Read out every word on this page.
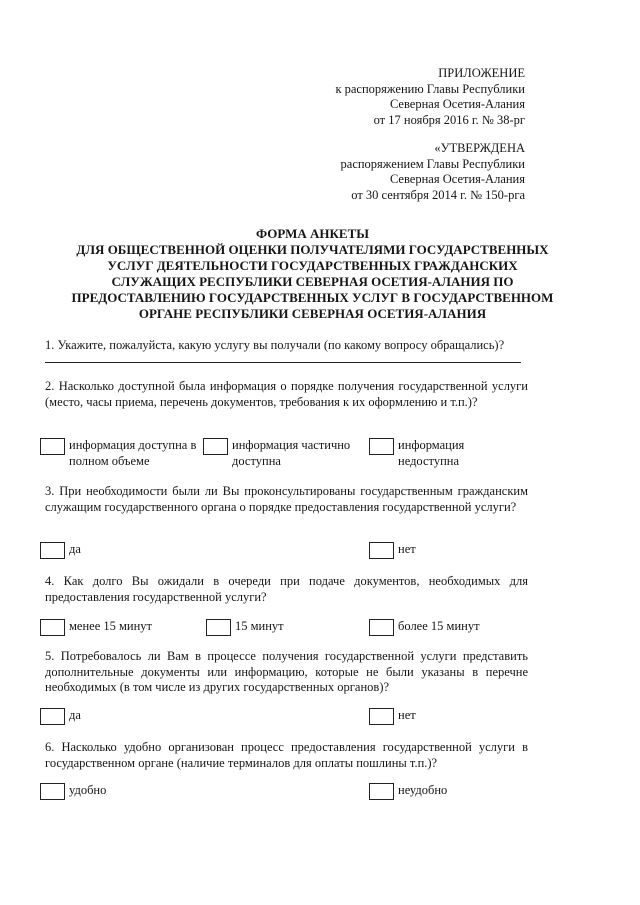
ПРИЛОЖЕНИЕ
к распоряжению Главы Республики
Северная Осетия-Алания
от 17 ноября 2016 г. № 38-рг
«УТВЕРЖДЕНА
распоряжением Главы Республики
Северная Осетия-Алания
от 30 сентября 2014 г. № 150-рга
ФОРМА АНКЕТЫ
ДЛЯ ОБЩЕСТВЕННОЙ ОЦЕНКИ ПОЛУЧАТЕЛЯМИ ГОСУДАРСТВЕННЫХ
УСЛУГ ДЕЯТЕЛЬНОСТИ ГОСУДАРСТВЕННЫХ ГРАЖДАНСКИХ
СЛУЖАЩИХ РЕСПУБЛИКИ СЕВЕРНАЯ ОСЕТИЯ-АЛАНИЯ ПО
ПРЕДОСТАВЛЕНИЮ ГОСУДАРСТВЕННЫХ УСЛУГ В ГОСУДАРСТВЕННОМ
ОРГАНЕ РЕСПУБЛИКИ СЕВЕРНАЯ ОСЕТИЯ-АЛАНИЯ
1. Укажите, пожалуйста, какую услугу вы получали (по какому вопросу обращались)?
2. Насколько доступной была информация о порядке получения государственной услуги (место, часы приема, перечень документов, требования к их оформлению и т.п.)?
информация доступна в полном объеме
информация частично доступна
информация недоступна
3. При необходимости были ли Вы проконсультированы государственным гражданским служащим государственного органа о порядке предоставления государственной услуги?
да	нет
4. Как долго Вы ожидали в очереди при подаче документов, необходимых для предоставления государственной услуги?
менее 15 минут	15 минут	более 15 минут
5. Потребовалось ли Вам в процессе получения государственной услуги представить дополнительные документы или информацию, которые не были указаны в перечне необходимых (в том числе из других государственных органов)?
да	нет
6. Насколько удобно организован процесс предоставления государственной услуги в государственном органе (наличие терминалов для оплаты пошлины т.п.)?
удобно	неудобно
